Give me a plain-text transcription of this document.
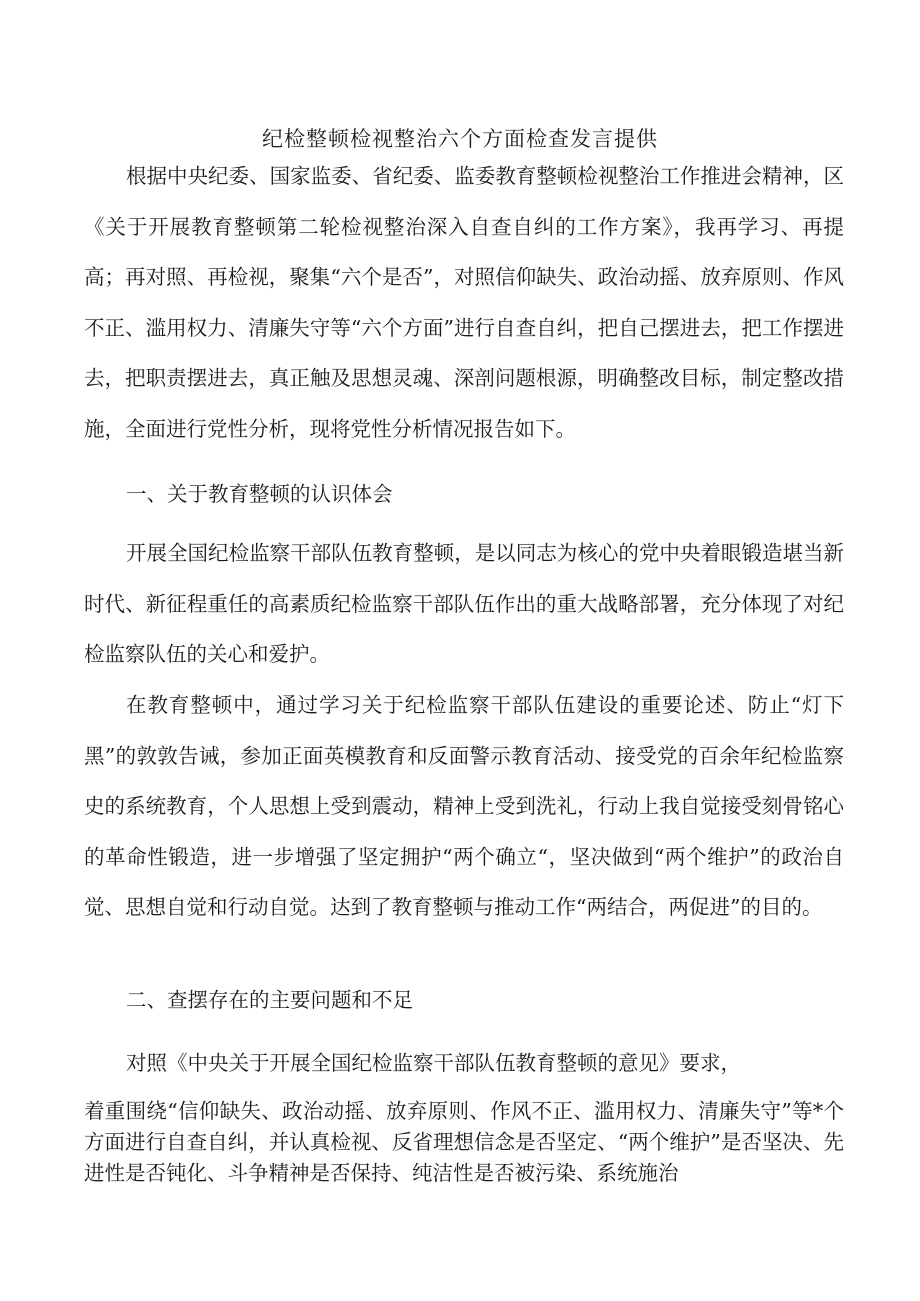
纪检整顿检视整治六个方面检查发言提供

根据中央纪委、国家监委、省纪委、监委教育整顿检视整治工作推进会精神，区《关于开展教育整顿第二轮检视整治深入自查自纠的工作方案》，我再学习、再提高；再对照、再检视，聚集“六个是否”，对照信仰缺失、政治动摇、放弃原则、作风不正、滥用权力、清廉失守等“六个方面”进行自查自纠，把自己摆进去，把工作摆进去，把职责摆进去，真正触及思想灵魂、深剖问题根源，明确整改目标，制定整改措施，全面进行党性分析，现将党性分析情况报告如下。

一、关于教育整顿的认识体会

开展全国纪检监察干部队伍教育整顿，是以同志为核心的党中央着眼锻造堪当新时代、新征程重任的高素质纪检监察干部队伍作出的重大战略部署，充分体现了对纪检监察队伍的关心和爱护。

在教育整顿中，通过学习关于纪检监察干部队伍建设的重要论述、防止“灯下黑”的敦敦告诫，参加正面英模教育和反面警示教育活动、接受党的百余年纪检监察史的系统教育，个人思想上受到震动，精神上受到洗礼，行动上我自觉接受刻骨铭心的革命性锻造，进一步增强了坚定拥护“两个确立“，坚决做到“两个维护”的政治自觉、思想自觉和行动自觉。达到了教育整顿与推动工作“两结合，两促进”的目的。

二、查摆存在的主要问题和不足

对照《中央关于开展全国纪检监察干部队伍教育整顿的意见》要求，

着重围绕“信仰缺失、政治动摇、放弃原则、作风不正、滥用权力、清廉失守”等*个方面进行自查自纠，并认真检视、反省理想信念是否坚定、“两个维护”是否坚决、先进性是否钝化、斗争精神是否保持、纯洁性是否被污染、系统施治
